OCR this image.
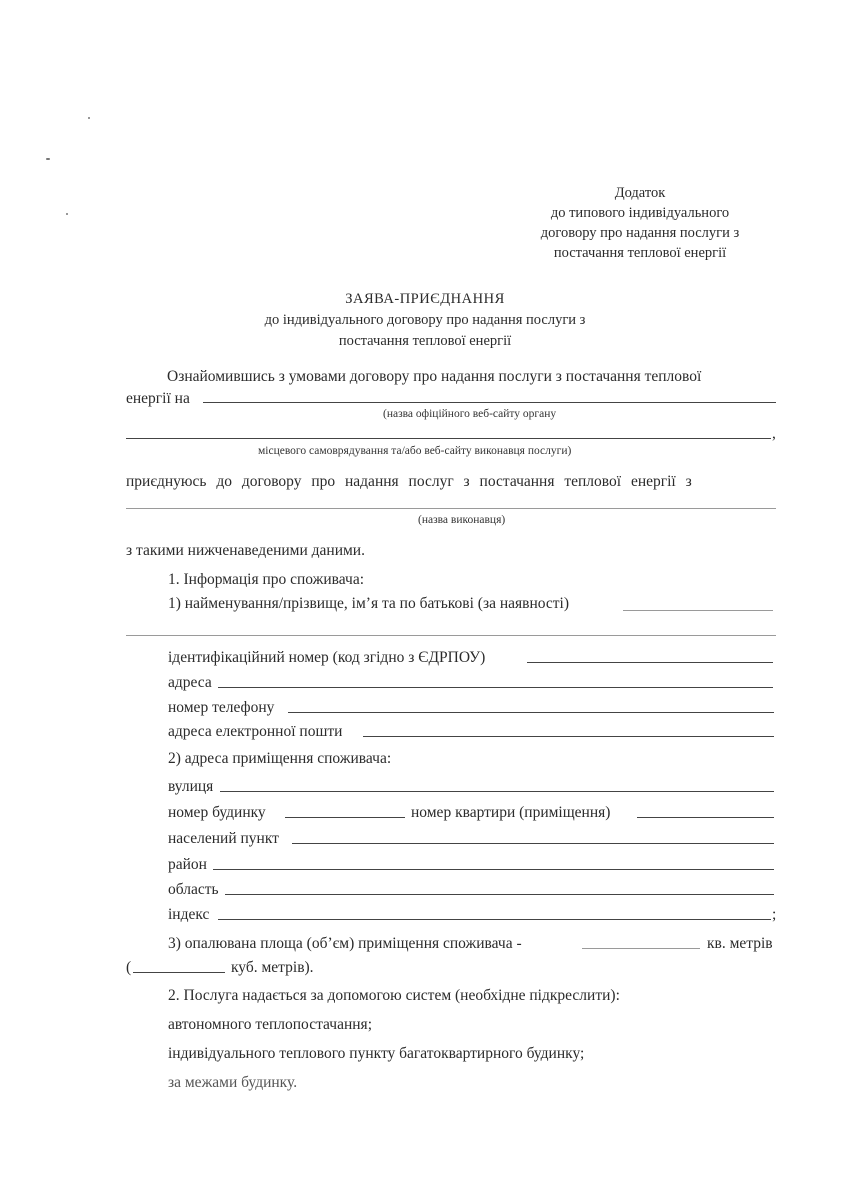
Додаток
до типового індивідуального
договору про надання послуги з
постачання теплової енергії
ЗАЯВА-ПРИЄДНАННЯ
до індивідуального договору про надання послуги з
постачання теплової енергії
Ознайомившись з умовами договору про надання послуги з постачання теплової
енергії на
(назва офіційного веб-сайту органу
,
місцевого самоврядування та/або веб-сайту виконавця послуги)
приєднуюсь до договору про надання послуг з постачання теплової енергії з
(назва виконавця)
з такими нижченаведеними даними.
1. Інформація про споживача:
1) найменування/прізвище, ім’я та по батькові (за наявності)
ідентифікаційний номер (код згідно з ЄДРПОУ)
адреса
номер телефону
адреса електронної пошти
2) адреса приміщення споживача:
вулиця
номер будинку	номер квартири (приміщення)
населений пункт
район
область
індекс	;
3) опалювана площа (об’єм) приміщення споживача -	кв. метрів
(	куб. метрів).
2. Послуга надається за допомогою систем (необхідне підкреслити):
автономного теплопостачання;
індивідуального теплового пункту багатоквартирного будинку;
за межами будинку.
